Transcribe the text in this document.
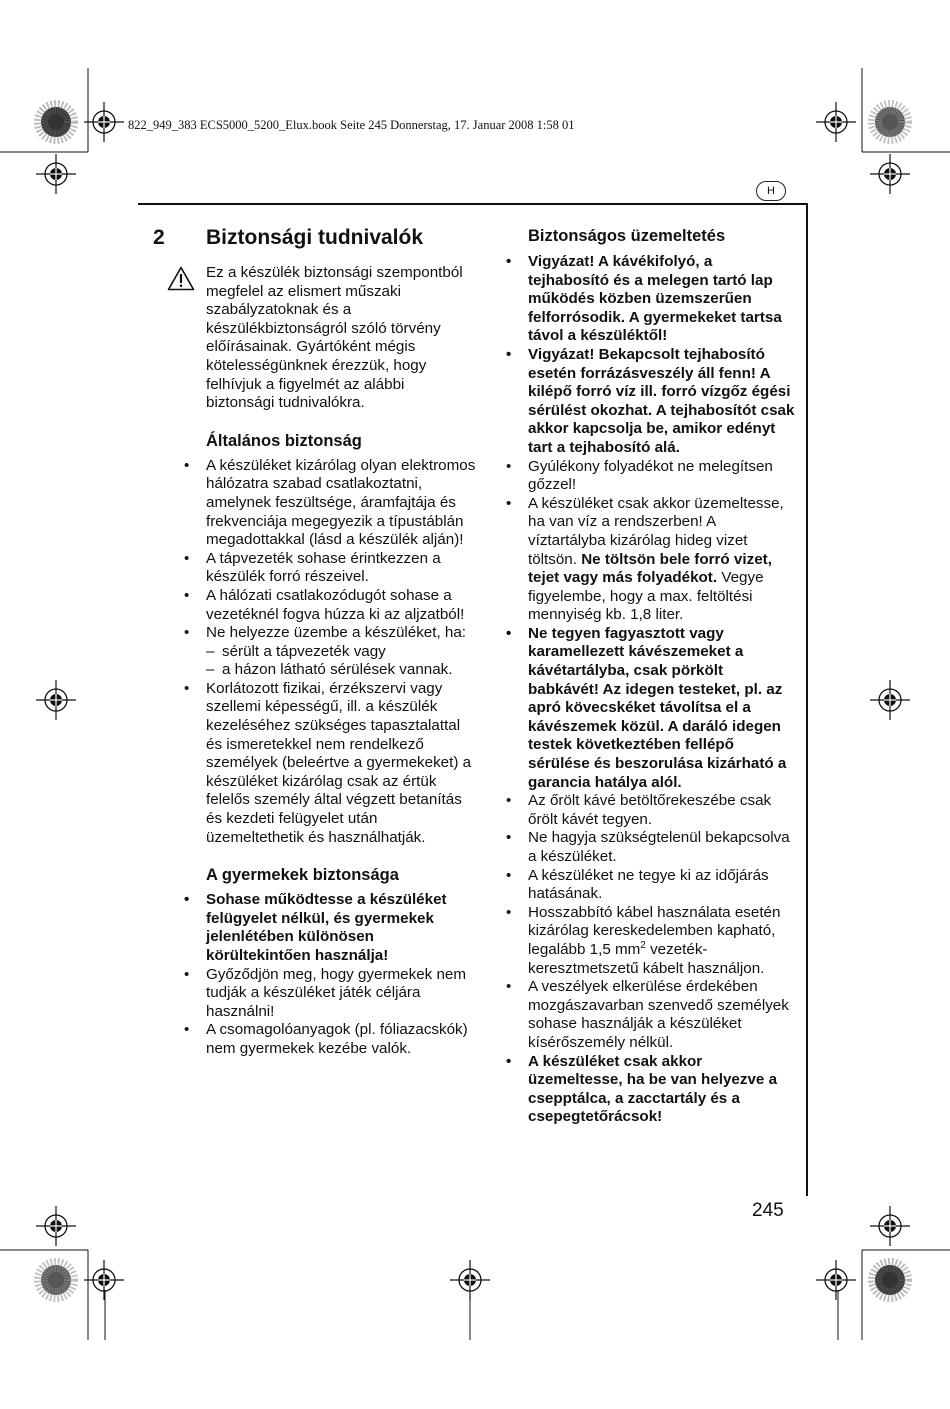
822_949_383 ECS5000_5200_Elux.book Seite 245 Donnerstag, 17. Januar 2008 1:58 01
H
2 Biztonsági tudnivalók

Ez a készülék biztonsági szempontból megfelel az elismert műszaki szabályzatoknak és a készülékbiztonságról szóló törvény előírásainak. Gyártóként mégis kötelességünknek érezzük, hogy felhívjuk a figyelmét az alábbi biztonsági tudnivalókra.

Általános biztonság

• A készüléket kizárólag olyan elektromos hálózatra szabad csatlakoztatni, amelynek feszültsége, áramfajtája és frekvenciája megegyezik a típustáblán megadottakkal (lásd a készülék alján)!

• A tápvezeték sohase érintkezzen a készülék forró részeivel.

• A hálózati csatlakozódugót sohase a vezetéknél fogva húzza ki az aljzatból!

• Ne helyezze üzembe a készüléket, ha:

– sérült a tápvezeték vagy

– a házon látható sérülések vannak.

• Korlátozott fizikai, érzékszervi vagy szellemi képességű, ill. a készülék kezeléséhez szükséges tapasztalattal és ismeretekkel nem rendelkező személyek (beleértve a gyermekeket) a készüléket kizárólag csak az értük felelős személy által végzett betanítás és kezdeti felügyelet után üzemeltethetik és használhatják.

A gyermekek biztonsága

• Sohase működtesse a készüléket felügyelet nélkül, és gyermekek jelenlétében különösen körültekintően használja!

• Győződjön meg, hogy gyermekek nem tudják a készüléket játék céljára használni!

• A csomagolóanyagok (pl. fóliazacskók) nem gyermekek kezébe valók.

Biztonságos üzemeltetés

• Vigyázat! A kávékifolyó, a tejhabosító és a melegen tartó lap működés közben üzemszerűen felforrósodik. A gyermekeket tartsa távol a készüléktől!

• Vigyázat! Bekapcsolt tejhabosító esetén forrázásveszély áll fenn! A kilépő forró víz ill. forró vízgőz égési sérülést okozhat. A tejhabosítót csak akkor kapcsolja be, amikor edényt tart a tejhabosító alá.

• Gyúlékony folyadékot ne melegítsen gőzzel!

• A készüléket csak akkor üzemeltesse, ha van víz a rendszerben! A víztartályba kizárólag hideg vizet töltsön. Ne töltsön bele forró vizet, tejet vagy más folyadékot. Vegye figyelembe, hogy a max. feltöltési mennyiség kb. 1,8 liter.

• Ne tegyen fagyasztott vagy karamellezett kávészemeket a kávétartályba, csak pörkölt babkávét! Az idegen testeket, pl. az apró kövecskéket távolítsa el a kávészemek közül. A daráló idegen testek következtében fellépő sérülése és beszorulása kizárható a garancia hatálya alól.

• Az őrölt kávé betöltőrekeszébe csak őrölt kávét tegyen.

• Ne hagyja szükségtelenül bekapcsolva a készüléket.

• A készüléket ne tegye ki az időjárás hatásának.

• Hosszabbító kábel használata esetén kizárólag kereskedelemben kapható, legalább 1,5 $mm^2$ vezeték-keresztmetszetű kábelt használjon.

• A veszélyek elkerülése érdekében mozgászavarban szenvedő személyek sohase használják a készüléket kísérőszemély nélkül.

• A készüléket csak akkor üzemeltesse, ha be van helyezve a csepptálca, a zacctartály és a csepegtetőrácsok!

245
